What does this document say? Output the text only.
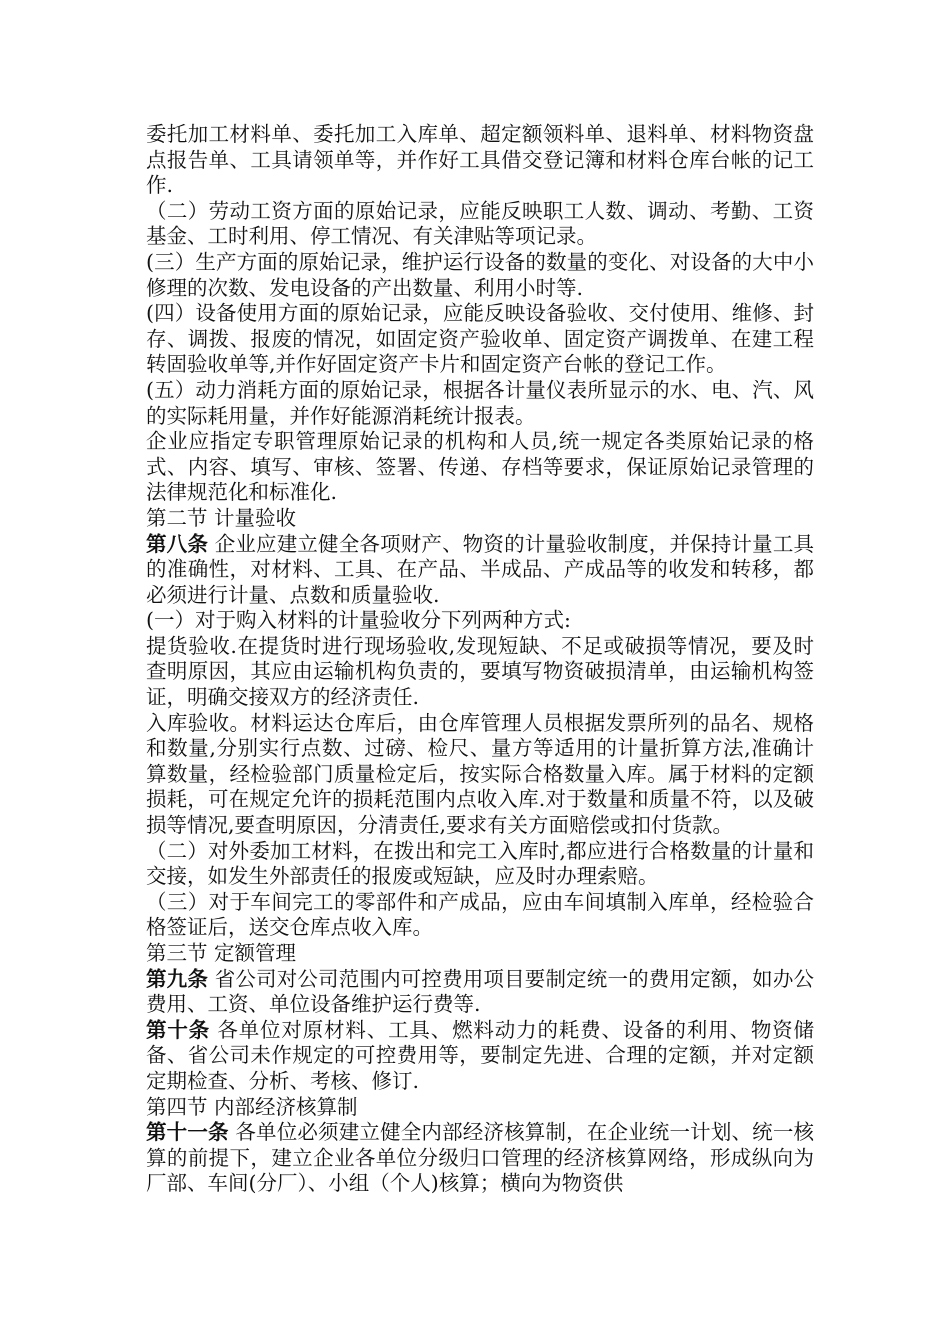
委托加工材料单、委托加工入库单、超定额领料单、退料单、材料物资盘点报告单、工具请领单等，并作好工具借交登记簿和材料仓库台帐的记工作.

（二）劳动工资方面的原始记录，应能反映职工人数、调动、考勤、工资基金、工时利用、停工情况、有关津贴等项记录。

(三）生产方面的原始记录，维护运行设备的数量的变化、对设备的大中小修理的次数、发电设备的产出数量、利用小时等.

(四）设备使用方面的原始记录，应能反映设备验收、交付使用、维修、封存、调拨、报废的情况，如固定资产验收单、固定资产调拨单、在建工程转固验收单等,并作好固定资产卡片和固定资产台帐的登记工作。

(五）动力消耗方面的原始记录，根据各计量仪表所显示的水、电、汽、风的实际耗用量，并作好能源消耗统计报表。

企业应指定专职管理原始记录的机构和人员,统一规定各类原始记录的格式、内容、填写、审核、签署、传递、存档等要求，保证原始记录管理的法律规范化和标准化.

第二节 计量验收

第八条 企业应建立健全各项财产、物资的计量验收制度，并保持计量工具的准确性，对材料、工具、在产品、半成品、产成品等的收发和转移，都必须进行计量、点数和质量验收.

(一）对于购入材料的计量验收分下列两种方式:

提货验收.在提货时进行现场验收,发现短缺、不足或破损等情况，要及时查明原因，其应由运输机构负责的，要填写物资破损清单，由运输机构签证，明确交接双方的经济责任.

入库验收。材料运达仓库后，由仓库管理人员根据发票所列的品名、规格和数量,分别实行点数、过磅、检尺、量方等适用的计量折算方法,准确计算数量，经检验部门质量检定后，按实际合格数量入库。属于材料的定额损耗，可在规定允许的损耗范围内点收入库.对于数量和质量不符，以及破损等情况,要查明原因，分清责任,要求有关方面赔偿或扣付货款。

（二）对外委加工材料，在拨出和完工入库时,都应进行合格数量的计量和交接，如发生外部责任的报废或短缺，应及时办理索赔。

（三）对于车间完工的零部件和产成品，应由车间填制入库单，经检验合格签证后，送交仓库点收入库。

第三节 定额管理

第九条 省公司对公司范围内可控费用项目要制定统一的费用定额，如办公费用、工资、单位设备维护运行费等.

第十条 各单位对原材料、工具、燃料动力的耗费、设备的利用、物资储备、省公司未作规定的可控费用等，要制定先进、合理的定额，并对定额定期检查、分析、考核、修订.

第四节 内部经济核算制

第十一条 各单位必须建立健全内部经济核算制，在企业统一计划、统一核算的前提下，建立企业各单位分级归口管理的经济核算网络，形成纵向为厂部、车间(分厂）、小组（个人)核算；横向为物资供
